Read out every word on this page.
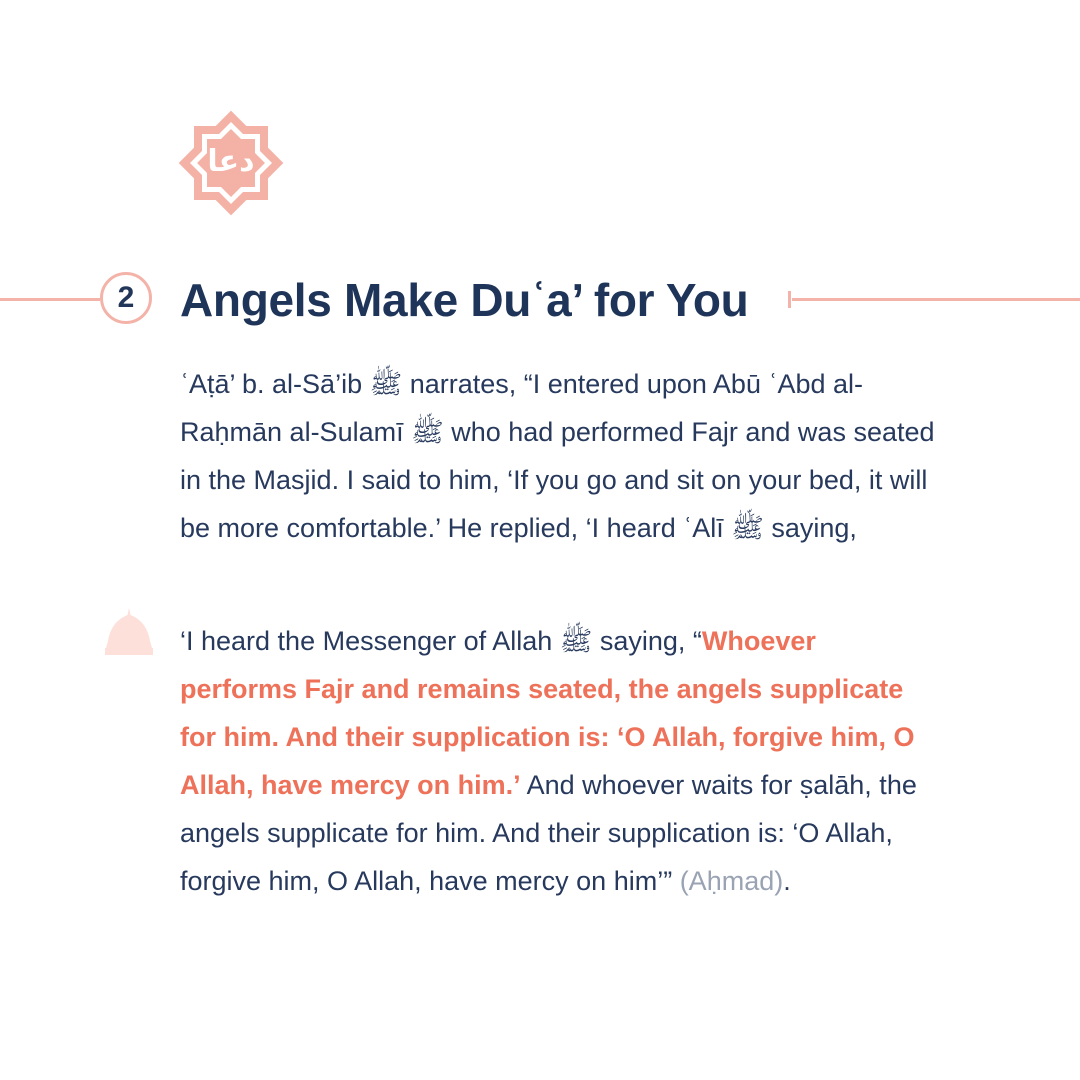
دعا
2 Angels Make Duʿa’ for You

ʿAṭā’ b. al-Sā’ib ﷺ narrates, “I entered upon Abū ʿAbd al-Raḥmān al-Sulamī ﷺ who had performed Fajr and was seated in the Masjid. I said to him, ‘If you go and sit on your bed, it will be more comfortable.’ He replied, ‘I heard ʿAlī ﷺ saying,

‘I heard the Messenger of Allah ﷺ saying, “Whoever performs Fajr and remains seated, the angels supplicate for him. And their supplication is: ‘O Allah, forgive him, O Allah, have mercy on him.’ And whoever waits for ṣalāh, the angels supplicate for him. And their supplication is: ‘O Allah, forgive him, O Allah, have mercy on him’” (Aḥmad).
